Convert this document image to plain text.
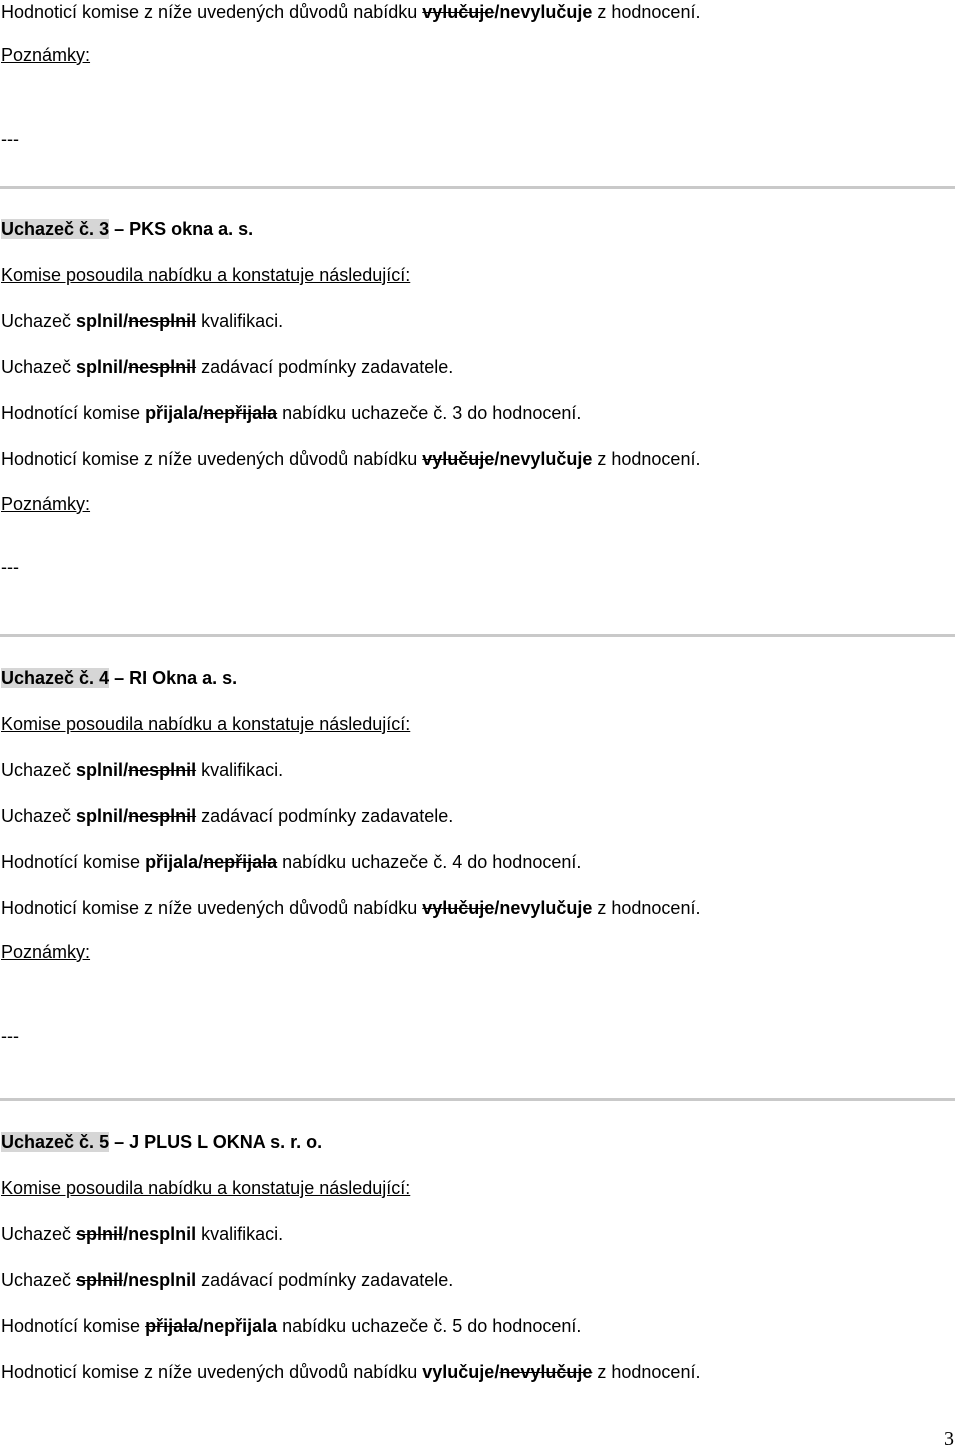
Hodnoticí komise z níže uvedených důvodů nabídku vylučuje/nevylučuje z hodnocení.
Poznámky:
---
Uchazeč č. 3 – PKS okna a. s.
Komise posoudila nabídku a konstatuje následující:
Uchazeč splnil/nesplnil kvalifikaci.
Uchazeč splnil/nesplnil zadávací podmínky zadavatele.
Hodnotící komise přijala/nepřijala nabídku uchazeče č. 3 do hodnocení.
Hodnoticí komise z níže uvedených důvodů nabídku vylučuje/nevylučuje z hodnocení.
Poznámky:
---
Uchazeč č. 4 – RI Okna a. s.
Komise posoudila nabídku a konstatuje následující:
Uchazeč splnil/nesplnil kvalifikaci.
Uchazeč splnil/nesplnil zadávací podmínky zadavatele.
Hodnotící komise přijala/nepřijala nabídku uchazeče č. 4 do hodnocení.
Hodnoticí komise z níže uvedených důvodů nabídku vylučuje/nevylučuje z hodnocení.
Poznámky:
---
Uchazeč č. 5 – J PLUS L OKNA s. r. o.
Komise posoudila nabídku a konstatuje následující:
Uchazeč splnil/nesplnil kvalifikaci.
Uchazeč splnil/nesplnil zadávací podmínky zadavatele.
Hodnotící komise přijala/nepřijala nabídku uchazeče č. 5 do hodnocení.
Hodnoticí komise z níže uvedených důvodů nabídku vylučuje/nevylučuje z hodnocení.
3
